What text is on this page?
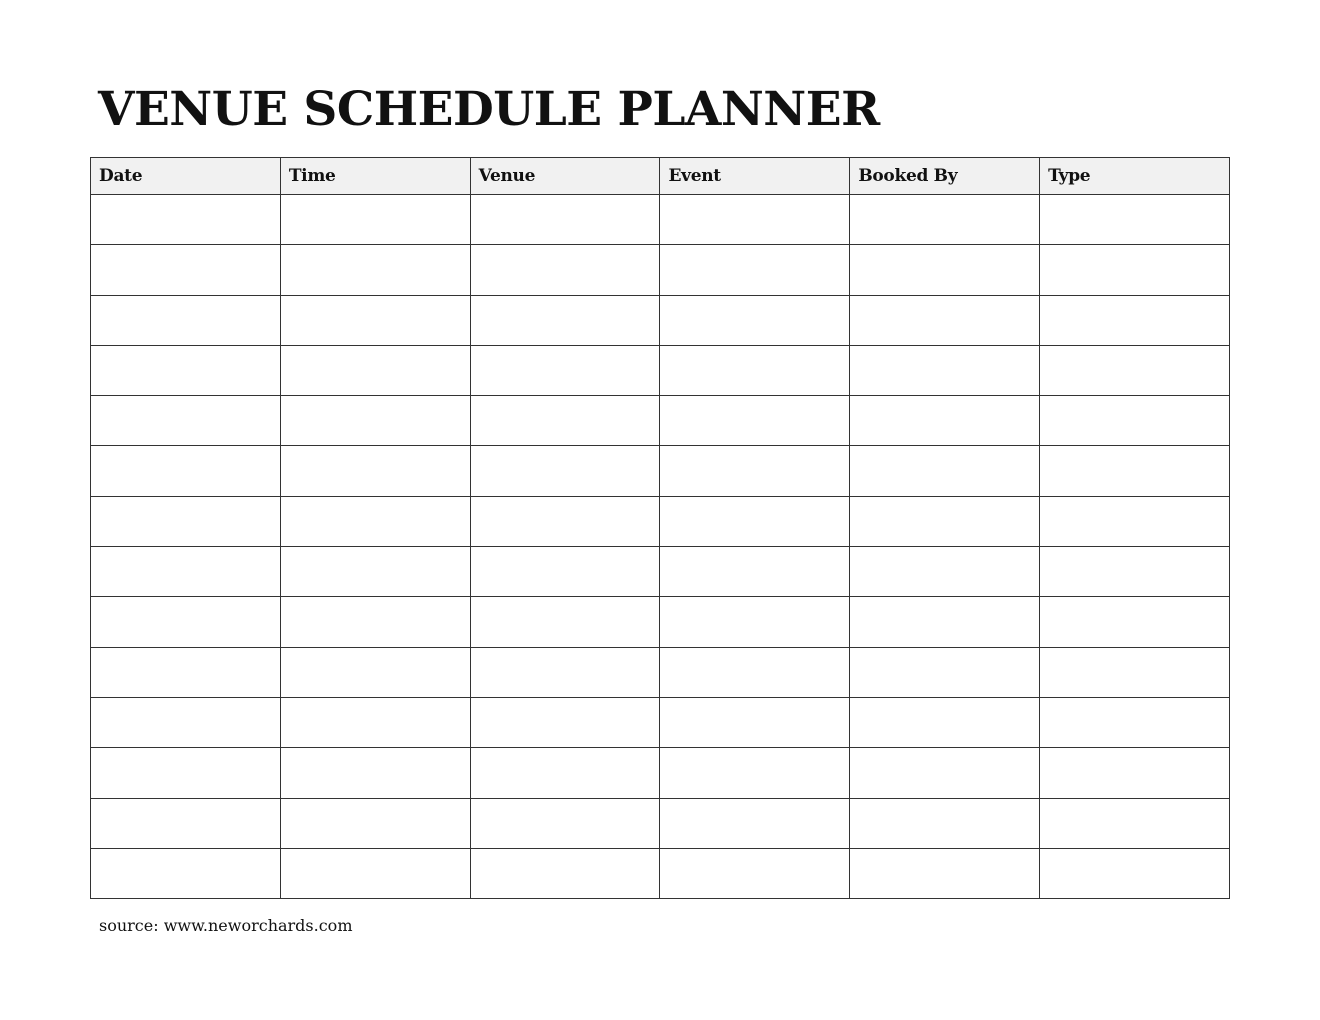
VENUE SCHEDULE PLANNER
Date	Time	Venue	Event	Booked By	Type

source: www.neworchards.com
